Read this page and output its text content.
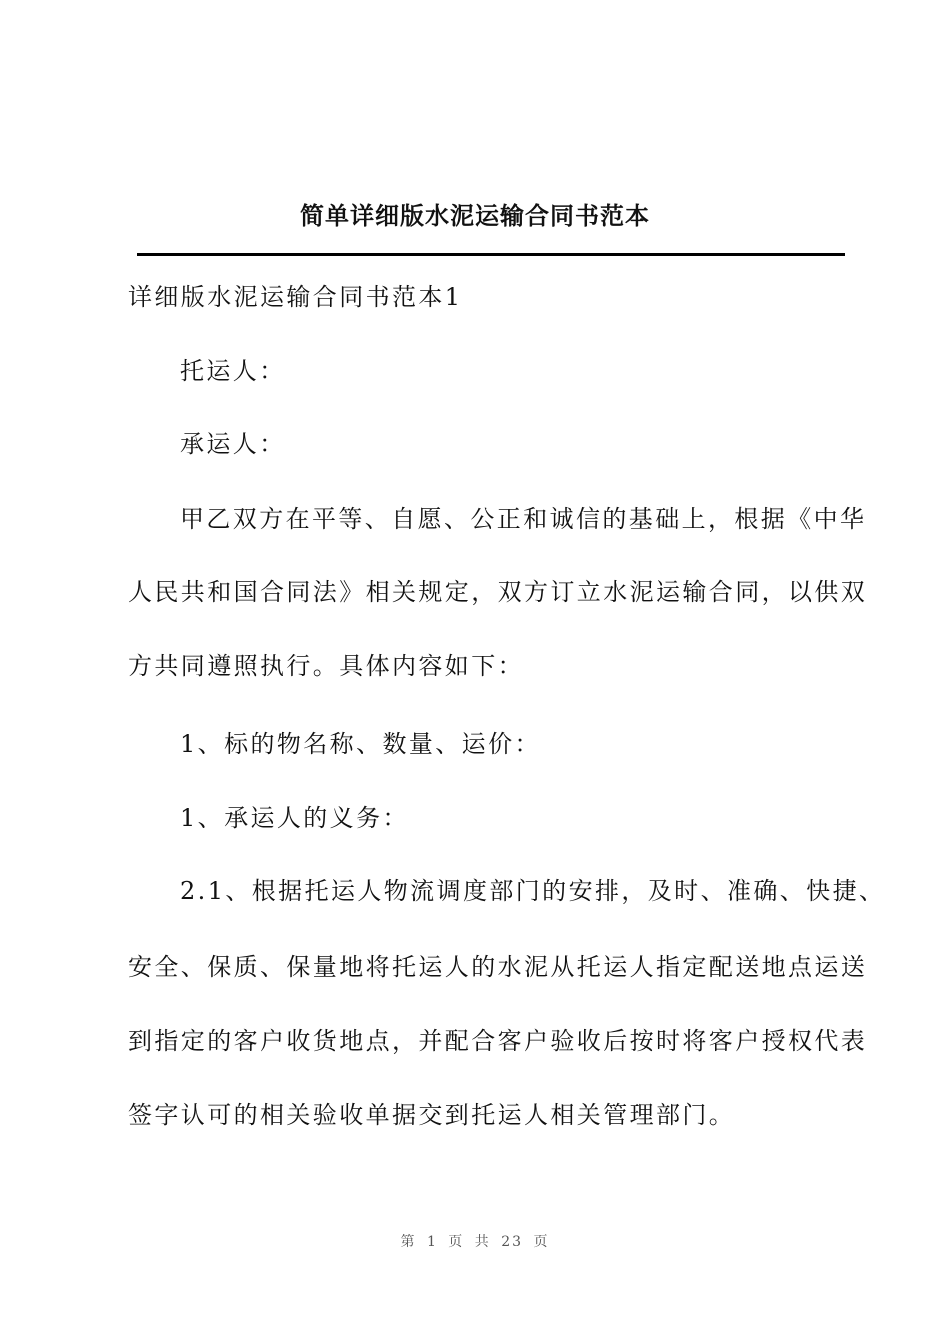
简单详细版水泥运输合同书范本
详细版水泥运输合同书范本1
托运人：
承运人：
甲乙双方在平等、自愿、公正和诚信的基础上，根据《中华
人民共和国合同法》相关规定，双方订立水泥运输合同，以供双
方共同遵照执行。具体内容如下：
1、标的物名称、数量、运价：
1、承运人的义务：
2.1、根据托运人物流调度部门的安排，及时、准确、快捷、
安全、保质、保量地将托运人的水泥从托运人指定配送地点运送
到指定的客户收货地点，并配合客户验收后按时将客户授权代表
签字认可的相关验收单据交到托运人相关管理部门。
第 1 页 共 23 页
